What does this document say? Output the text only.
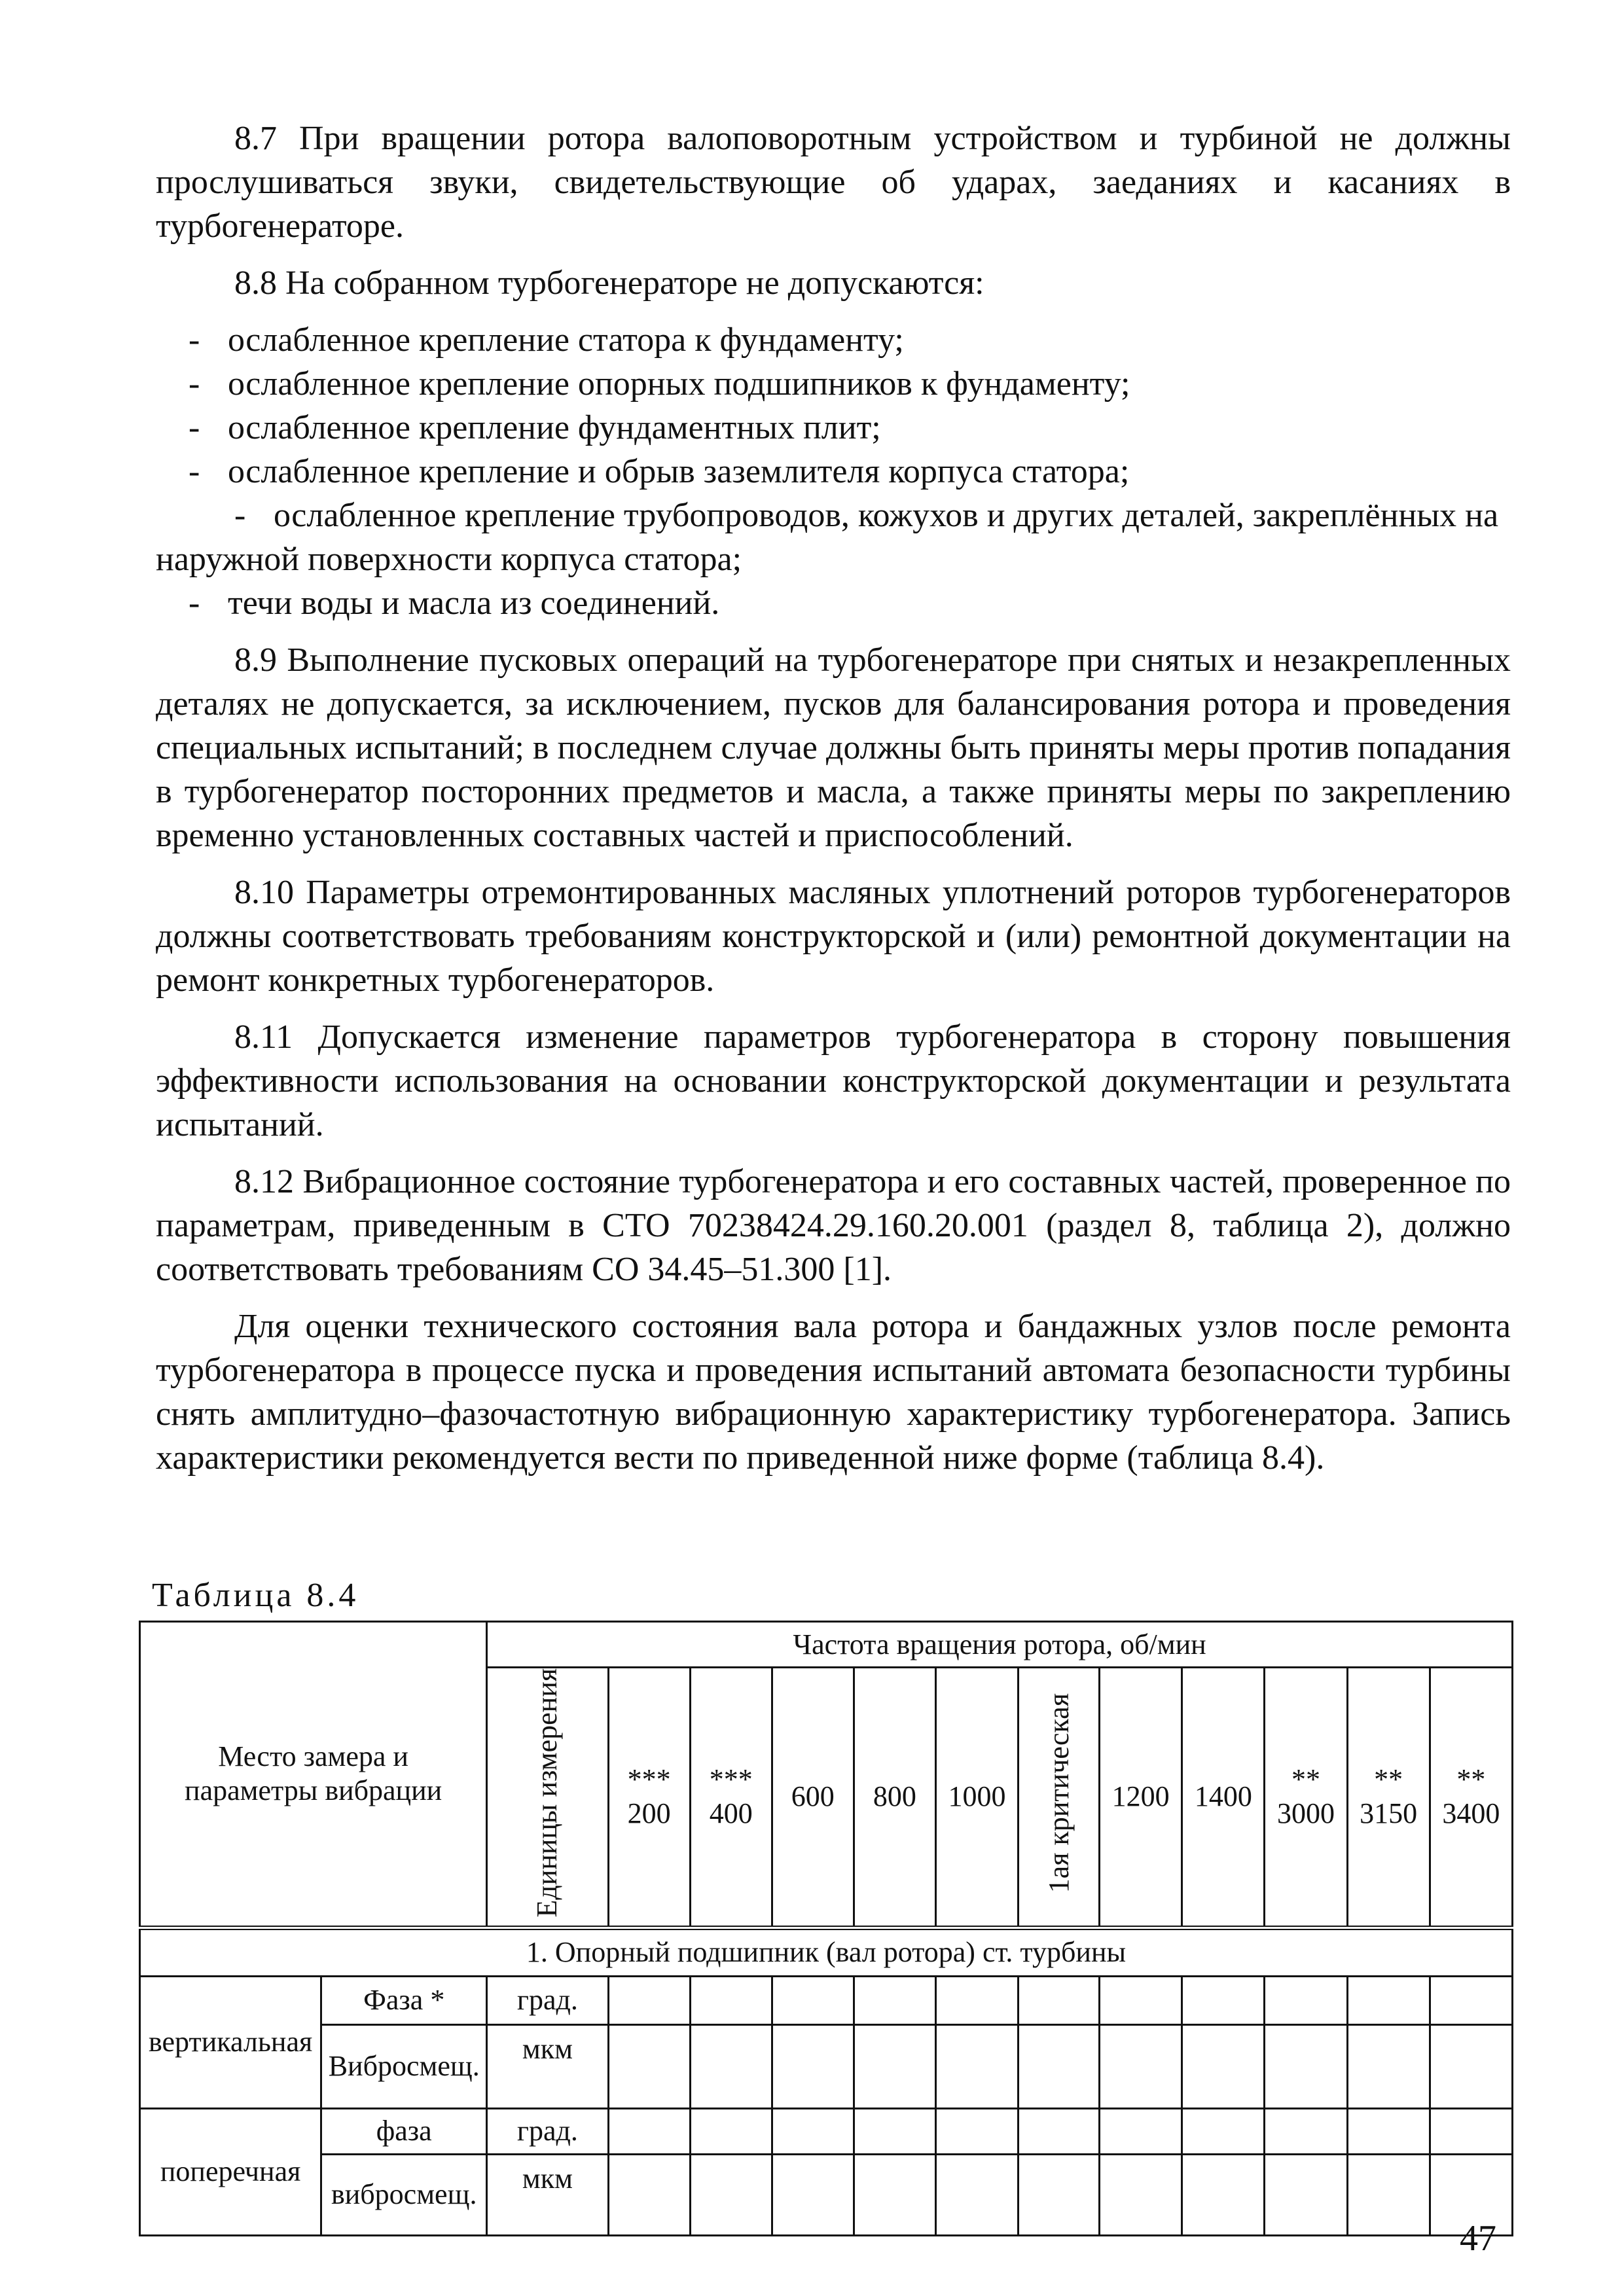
8.7 При вращении ротора валоповоротным устройством и турбиной не должны прослушиваться звуки, свидетельствующие об ударах, заеданиях и касаниях в турбогенераторе.

8.8 На собранном турбогенераторе не допускаются:

- ослабленное крепление статора к фундаменту;
- ослабленное крепление опорных подшипников к фундаменту;
- ослабленное крепление фундаментных плит;
- ослабленное крепление и обрыв заземлителя корпуса статора;
- ослабленное крепление трубопроводов, кожухов и других деталей, закреплённых на наружной поверхности корпуса статора;
- течи воды и масла из соединений.

8.9 Выполнение пусковых операций на турбогенераторе при снятых и незакрепленных деталях не допускается, за исключением, пусков для балансирования ротора и проведения специальных испытаний; в последнем случае должны быть приняты меры против попадания в турбогенератор посторонних предметов и масла, а также приняты меры по закреплению временно установленных составных частей и приспособлений.

8.10 Параметры отремонтированных масляных уплотнений роторов турбогенераторов должны соответствовать требованиям конструкторской и (или) ремонтной документации на ремонт конкретных турбогенераторов.

8.11 Допускается изменение параметров турбогенератора в сторону повышения эффективности использования на основании конструкторской документации и результата испытаний.

8.12 Вибрационное состояние турбогенератора и его составных частей, проверенное по параметрам, приведенным в СТО 70238424.29.160.20.001 (раздел 8, таблица 2), должно соответствовать требованиям СО 34.45–51.300 [1].

Для оценки технического состояния вала ротора и бандажных узлов после ремонта турбогенератора в процессе пуска и проведения испытаний автомата безопасности турбины снять амплитудно–фазочастотную вибрационную характеристику турбогенератора. Запись характеристики рекомендуется вести по приведенной ниже форме (таблица 8.4).

Таблица 8.4
Место замера и параметры вибрации		Частота вращения ротора, об/мин											
		Единицы измерения	*** 200	*** 400	600	800	1000	1ая критическая	1200	1400	** 3000	** 3150	** 3400
1. Опорный подшипник (вал ротора) ст. турбины													
вертикальная	Фаза *	град.											
	Виброcмещ.	мкм											
поперечная	фаза	град.											
	виброcмещ.	мкм											
47
